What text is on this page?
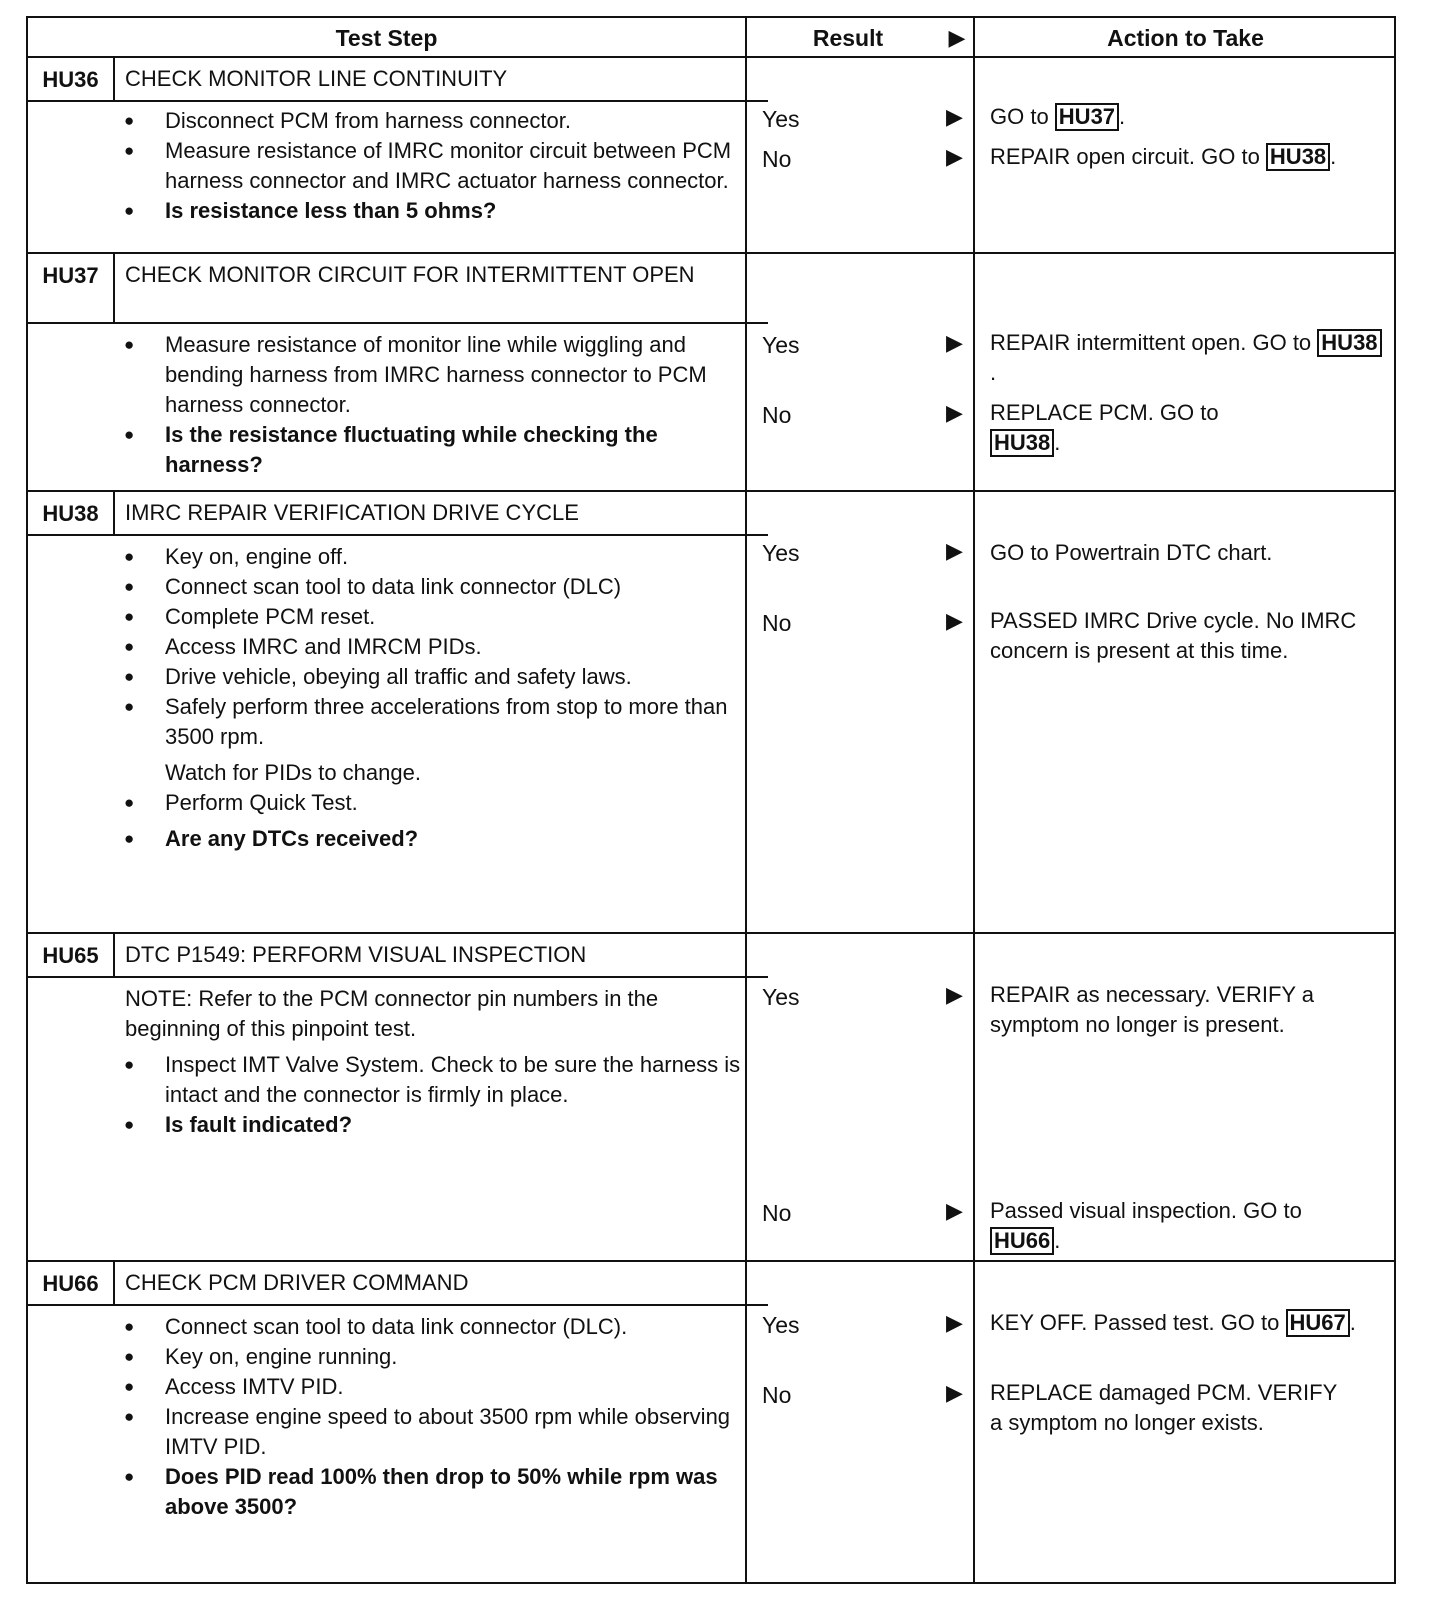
Test Step	Result	▶	Action to Take
HU36	CHECK MONITOR LINE CONTINUITY
● Disconnect PCM from harness connector.
● Measure resistance of IMRC monitor circuit between PCM harness connector and IMRC actuator harness connector.
● Is resistance less than 5 ohms?
Yes	▶ GO to HU37 .
No	▶ REPAIR open circuit. GO to HU38 .
HU37	CHECK MONITOR CIRCUIT FOR INTERMITTENT OPEN
● Measure resistance of monitor line while wiggling and bending harness from IMRC harness connector to PCM harness connector.
● Is the resistance fluctuating while checking the harness?
Yes	▶ REPAIR intermittent open. GO to HU38.
No	▶ REPLACE PCM. GO to HU38 .
HU38	IMRC REPAIR VERIFICATION DRIVE CYCLE
● Key on, engine off.
● Connect scan tool to data link connector (DLC)
● Complete PCM reset.
● Access IMRC and IMRCM PIDs.
● Drive vehicle, obeying all traffic and safety laws.
● Safely perform three accelerations from stop to more than 3500 rpm.
Watch for PIDs to change.
● Perform Quick Test.
● Are any DTCs received?
Yes	▶ GO to Powertrain DTC chart.
No	▶ PASSED IMRC Drive cycle. No IMRC concern is present at this time.
HU65	DTC P1549: PERFORM VISUAL INSPECTION
NOTE: Refer to the PCM connector pin numbers in the beginning of this pinpoint test.
● Inspect IMT Valve System. Check to be sure the harness is intact and the connector is firmly in place.
● Is fault indicated?
Yes	▶ REPAIR as necessary. VERIFY a symptom no longer is present.
No	▶ Passed visual inspection. GO to HU66 .
HU66	CHECK PCM DRIVER COMMAND
● Connect scan tool to data link connector (DLC).
● Key on, engine running.
● Access IMTV PID.
● Increase engine speed to about 3500 rpm while observing IMTV PID.
● Does PID read 100% then drop to 50% while rpm was above 3500?
Yes	▶ KEY OFF. Passed test. GO to HU67 .
No	▶ REPLACE damaged PCM. VERIFY a symptom no longer exists.
